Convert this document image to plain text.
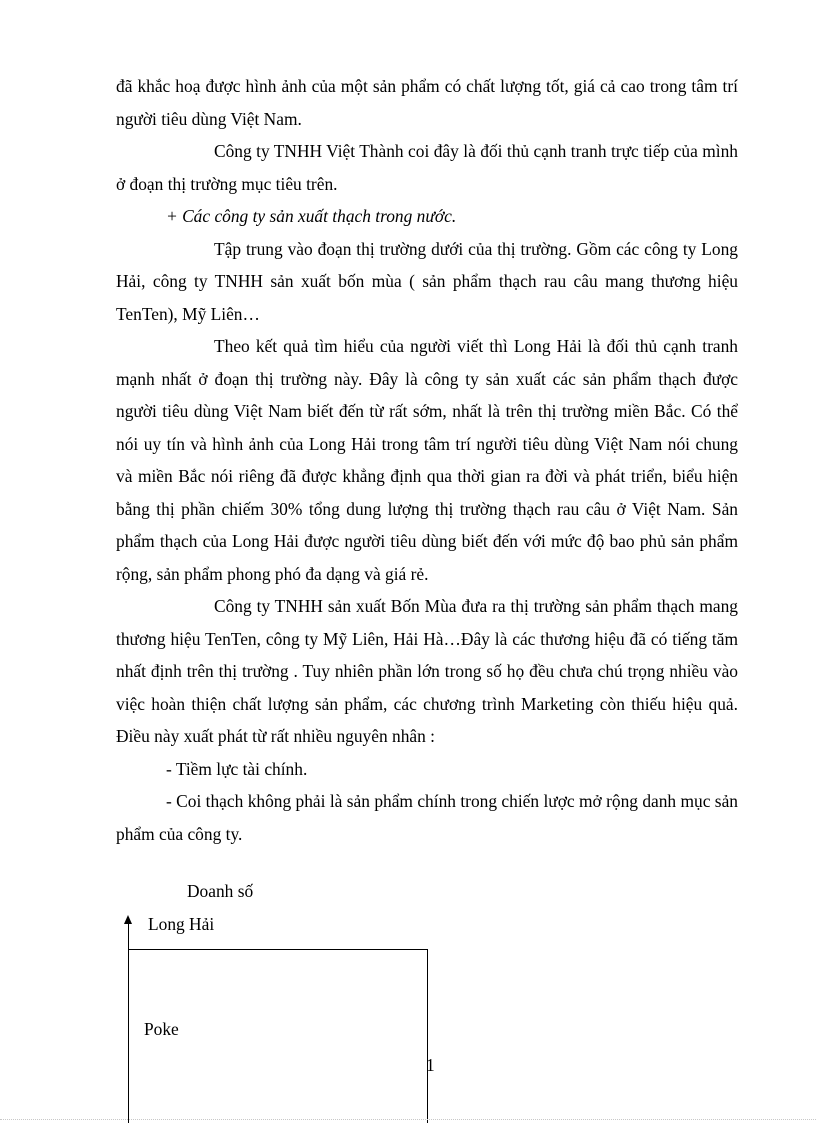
đã khắc hoạ được hình ảnh của một sản phẩm có chất lượng tốt, giá cả cao trong tâm trí người tiêu dùng Việt Nam.

Công ty TNHH Việt Thành coi đây là đối thủ cạnh tranh trực tiếp của mình ở đoạn thị trường mục tiêu trên.

+ Các công ty sản xuất thạch trong nước.

Tập trung vào đoạn thị trường dưới của thị trường. Gồm các công ty Long Hải, công ty TNHH sản xuất bốn mùa ( sản phẩm thạch rau câu mang thương hiệu TenTen), Mỹ Liên…

Theo kết quả tìm hiểu của người viết thì Long Hải là đối thủ cạnh tranh mạnh nhất ở đoạn thị trường này. Đây là công ty sản xuất các sản phẩm thạch được người tiêu dùng Việt Nam biết đến từ rất sớm, nhất là trên thị trường miền Bắc. Có thể nói uy tín và hình ảnh của Long Hải trong tâm trí người tiêu dùng Việt Nam nói chung và miền Bắc nói riêng đã được khẳng định qua thời gian ra đời và phát triển, biểu hiện bằng thị phần chiếm 30% tổng dung lượng thị trường thạch rau câu ở Việt Nam. Sản phẩm thạch của Long Hải được người tiêu dùng biết đến với mức độ bao phủ sản phẩm rộng, sản phẩm phong phó đa dạng và giá rẻ.

Công ty TNHH sản xuất Bốn Mùa đưa ra thị trường sản phẩm thạch mang thương hiệu TenTen, công ty Mỹ Liên, Hải Hà…Đây là các thương hiệu đã có tiếng tăm nhất định trên thị trường . Tuy nhiên phần lớn trong số họ đều chưa chú trọng nhiều vào việc hoàn thiện chất lượng sản phẩm, các chương trình Marketing còn thiếu hiệu quả. Điều này xuất phát từ rất nhiều nguyên nhân :

- Tiềm lực tài chính.

- Coi thạch không phải là sản phẩm chính trong chiến lược mở rộng danh mục sản phẩm của công ty.

Doanh số
Long Hải
Poke
1
